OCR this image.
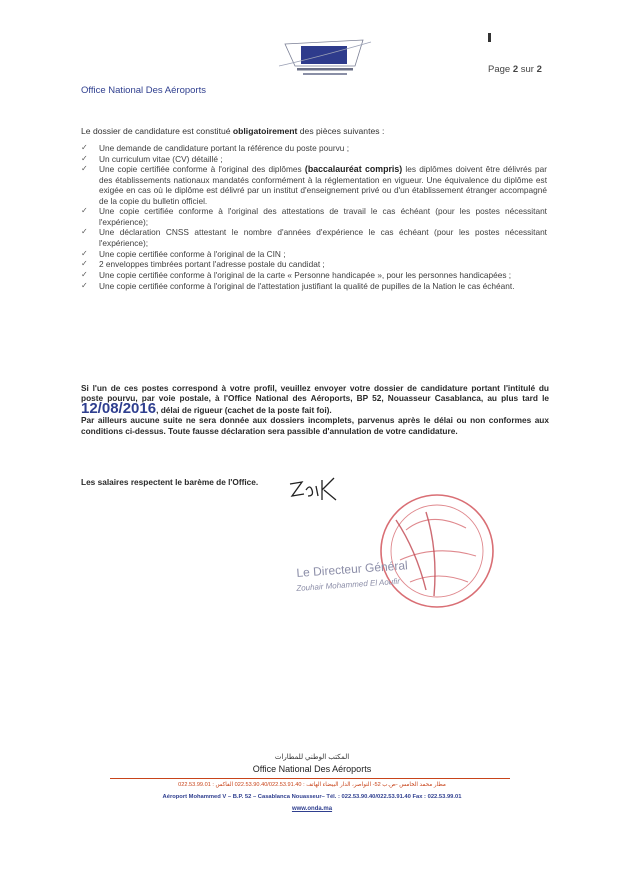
Page 2 sur 2
Office National Des Aéroports
Le dossier de candidature est constitué obligatoirement des pièces suivantes :
✓ Une demande de candidature portant la référence du poste pourvu ;
✓ Un curriculum vitae (CV) détaillé ;
✓ Une copie certifiée conforme à l'original des diplômes (baccalauréat compris) les diplômes doivent être délivrés par des établissements nationaux mandatés conformément à la réglementation en vigueur. Une équivalence du diplôme est exigée en cas où le diplôme est délivré par un institut d'enseignement privé ou d'un établissement étranger accompagné de la copie du bulletin officiel.
✓ Une copie certifiée conforme à l'original des attestations de travail le cas échéant (pour les postes nécessitant l'expérience);
✓ Une déclaration CNSS attestant le nombre d'années d'expérience le cas échéant (pour les postes nécessitant l'expérience);
✓ Une copie certifiée conforme à l'original de la CIN ;
✓ 2 enveloppes timbrées portant l'adresse postale du candidat ;
✓ Une copie certifiée conforme à l'original de la carte « Personne handicapée », pour les personnes handicapées ;
✓ Une copie certifiée conforme à l'original de l'attestation justifiant la qualité de pupilles de la Nation le cas échéant.
Si l'un de ces postes correspond à votre profil, veuillez envoyer votre dossier de candidature portant l'intitulé du poste pourvu, par voie postale, à l'Office National des Aéroports, BP 52, Nouasseur Casablanca, au plus tard le 12/08/2016, délai de rigueur (cachet de la poste fait foi).
Par ailleurs aucune suite ne sera donnée aux dossiers incomplets, parvenus après le délai ou non conformes aux conditions ci-dessus. Toute fausse déclaration sera passible d'annulation de votre candidature.
Les salaires respectent le barème de l'Office.
Le Directeur Général
Zouhair Mohammed El Aoufir
المكتب الوطني للمطارات
Office National Des Aéroports
مطار محمد الخامس -ص.ب 52- النواصر، الدار البيضاء الهاتف : 022.53.90.40/022.53.91.40 الفاكس : 022.53.99.01
Aéroport Mohammed V – B.P. 52 – Casablanca Nouasseur– Tél. : 022.53.90.40/022.53.91.40 Fax : 022.53.99.01
www.onda.ma
